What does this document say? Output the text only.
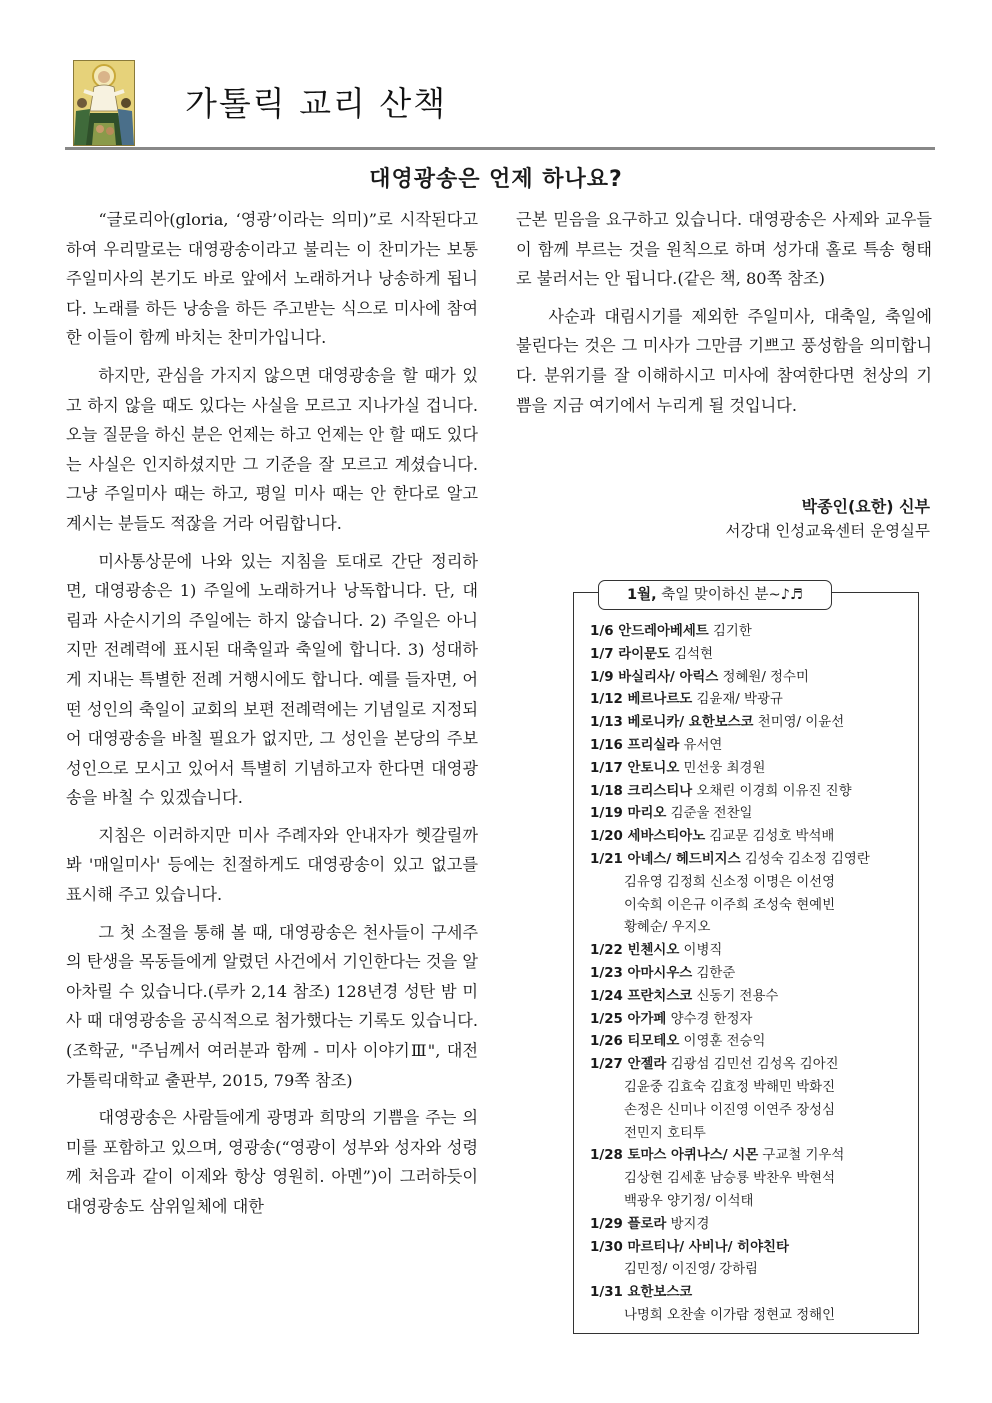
가톨릭 교리 산책
대영광송은 언제 하나요?

“글로리아(gloria, ‘영광’이라는 의미)”로 시작된다고 하여 우리말로는 대영광송이라고 불리는 이 찬미가는 보통 주일미사의 본기도 바로 앞에서 노래하거나 낭송하게 됩니다. 노래를 하든 낭송을 하든 주고받는 식으로 미사에 참여한 이들이 함께 바치는 찬미가입니다.

하지만, 관심을 가지지 않으면 대영광송을 할 때가 있고 하지 않을 때도 있다는 사실을 모르고 지나가실 겁니다. 오늘 질문을 하신 분은 언제는 하고 언제는 안 할 때도 있다는 사실은 인지하셨지만 그 기준을 잘 모르고 계셨습니다. 그냥 주일미사 때는 하고, 평일 미사 때는 안 한다로 알고 계시는 분들도 적잖을 거라 어림합니다.

미사통상문에 나와 있는 지침을 토대로 간단 정리하면, 대영광송은 1) 주일에 노래하거나 낭독합니다. 단, 대림과 사순시기의 주일에는 하지 않습니다. 2) 주일은 아니지만 전례력에 표시된 대축일과 축일에 합니다. 3) 성대하게 지내는 특별한 전례 거행시에도 합니다. 예를 들자면, 어떤 성인의 축일이 교회의 보편 전례력에는 기념일로 지정되어 대영광송을 바칠 필요가 없지만, 그 성인을 본당의 주보성인으로 모시고 있어서 특별히 기념하고자 한다면 대영광송을 바칠 수 있겠습니다.

지침은 이러하지만 미사 주례자와 안내자가 헷갈릴까 봐 '매일미사' 등에는 친절하게도 대영광송이 있고 없고를 표시해 주고 있습니다.

그 첫 소절을 통해 볼 때, 대영광송은 천사들이 구세주의 탄생을 목동들에게 알렸던 사건에서 기인한다는 것을 알아차릴 수 있습니다.(루카 2,14 참조) 128년경 성탄 밤 미사 때 대영광송을 공식적으로 첨가했다는 기록도 있습니다.(조학균, "주님께서 여러분과 함께 - 미사 이야기Ⅲ", 대전가톨릭대학교 출판부, 2015, 79쪽 참조)

대영광송은 사람들에게 광명과 희망의 기쁨을 주는 의미를 포함하고 있으며, 영광송(“영광이 성부와 성자와 성령께 처음과 같이 이제와 항상 영원히. 아멘”)이 그러하듯이 대영광송도 삼위일체에 대한

근본 믿음을 요구하고 있습니다. 대영광송은 사제와 교우들이 함께 부르는 것을 원칙으로 하며 성가대 홀로 특송 형태로 불러서는 안 됩니다.(같은 책, 80쪽 참조)

사순과 대림시기를 제외한 주일미사, 대축일, 축일에 불린다는 것은 그 미사가 그만큼 기쁘고 풍성함을 의미합니다. 분위기를 잘 이해하시고 미사에 참여한다면 천상의 기쁨을 지금 여기에서 누리게 될 것입니다.

박종인(요한) 신부
서강대 인성교육센터 운영실무
1월, 축일 맞이하신 분~♪♬
1/6 안드레아베세트 김기한
1/7 라이문도 김석현
1/9 바실리사/ 아릭스 정혜원/ 정수미
1/12 베르나르도 김윤재/ 박광규
1/13 베로니카/ 요한보스코 천미영/ 이윤선
1/16 프리실라 유서연
1/17 안토니오 민선웅 최경원
1/18 크리스티나 오채린 이경희 이유진 진향
1/19 마리오 김준울 전찬일
1/20 세바스티아노 김교문 김성호 박석배
1/21 아녜스/ 헤드비지스 김성숙 김소정 김영란
김유영 김정희 신소정 이명은 이선영
이숙희 이은규 이주희 조성숙 현예빈
황혜순/ 우지오
1/22 빈첸시오 이병직
1/23 아마시우스 김한준
1/24 프란치스코 신동기 전용수
1/25 아가페 양수경 한정자
1/26 티모테오 이영훈 전승익
1/27 안젤라 김광섬 김민선 김성옥 김아진
김윤중 김효숙 김효정 박해민 박화진
손정은 신미나 이진영 이연주 장성심
전민지 호티투
1/28 토마스 아퀴나스/ 시몬 구교철 기우석
김상현 김세훈 남승룡 박찬우 박현석
백광우 양기정/ 이석태
1/29 플로라 방지경
1/30 마르티나/ 사비나/ 히야친타
김민정/ 이진영/ 강하림
1/31 요한보스코
나명희 오찬솔 이가람 정현교 정해인
